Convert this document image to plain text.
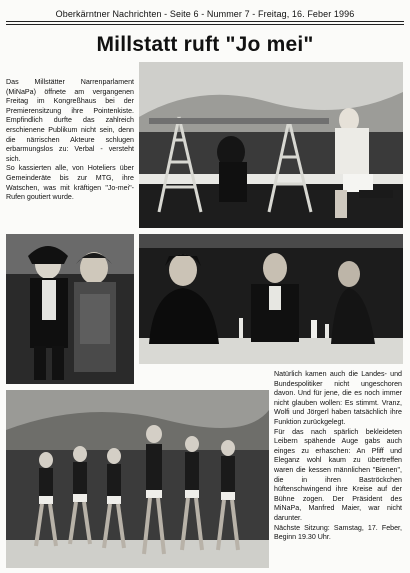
Oberkärntner Nachrichten - Seite 6 - Nummer 7 - Freitag, 16. Feber 1996
Millstatt ruft "Jo mei"

Das Millstätter Narrenparlament (MiNaPa) öffnete am vergangenen Freitag im Kongreßhaus bei der Premierensitzung ihre Pointenkiste. Empfindlich durfte das zahlreich erschienene Publikum nicht sein, denn die närrischen Akteure schlugen erbarmungslos zu: Verbal - versteht sich.

So kassierten alle, von Hoteliers über Gemeinderäte bis zur MTG, ihre Watschen, was mit kräftigen "Jo-mei"-Rufen goutiert wurde.

Natürlich kamen auch die Landes- und Bundespolitiker nicht ungeschoren davon. Und für jene, die es noch immer nicht glauben wollen: Es stimmt. Vranz, Wolfi und Jörgerl haben tatsächlich ihre Funktion zurückgelegt.

Für das nach spärlich bekleideten Leibern spähende Auge gabs auch einges zu erhaschen: An Pfiff und Eleganz wohl kaum zu übertreffen waren die kessen männlichen "Bienen", die in ihren Baströckchen hüftenschwingend ihre Kreise auf der Bühne zogen. Der Präsident des MiNaPa, Manfred Maier, war nicht darunter.

Nächste Sitzung: Samstag, 17. Feber, Beginn 19.30 Uhr.
